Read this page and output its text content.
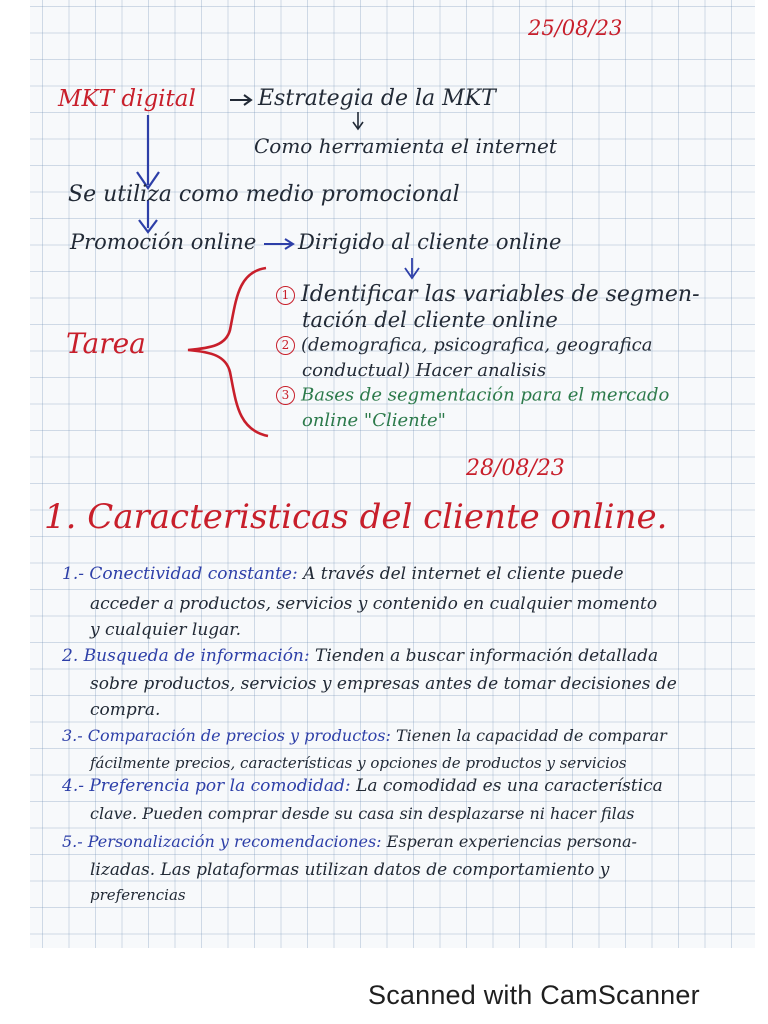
25/08/23
MKT digital	Estrategia de la MKT
Como herramienta el internet
Se utiliza como medio promocional
Promoción online Dirigido al cliente online
Tarea
1 Identificar las variables de segmen-
tación del cliente online
2 (demografica, psicografica, geografica
conductual) Hacer analisis
3 Bases de segmentación para el mercado
online "Cliente"
28/08/23
1. Caracteristicas del cliente online.
1.- Conectividad constante: A través del internet el cliente puede
acceder a productos, servicios y contenido en cualquier momento
y cualquier lugar.
2. Busqueda de información: Tienden a buscar información detallada
sobre productos, servicios y empresas antes de tomar decisiones de
compra.
3.- Comparación de precios y productos: Tienen la capacidad de comparar
fácilmente precios, características y opciones de productos y servicios
4.- Preferencia por la comodidad: La comodidad es una característica
clave. Pueden comprar desde su casa sin desplazarse ni hacer filas
5.- Personalización y recomendaciones: Esperan experiencias persona-
lizadas. Las plataformas utilizan datos de comportamiento y
preferencias
Scanned with CamScanner
